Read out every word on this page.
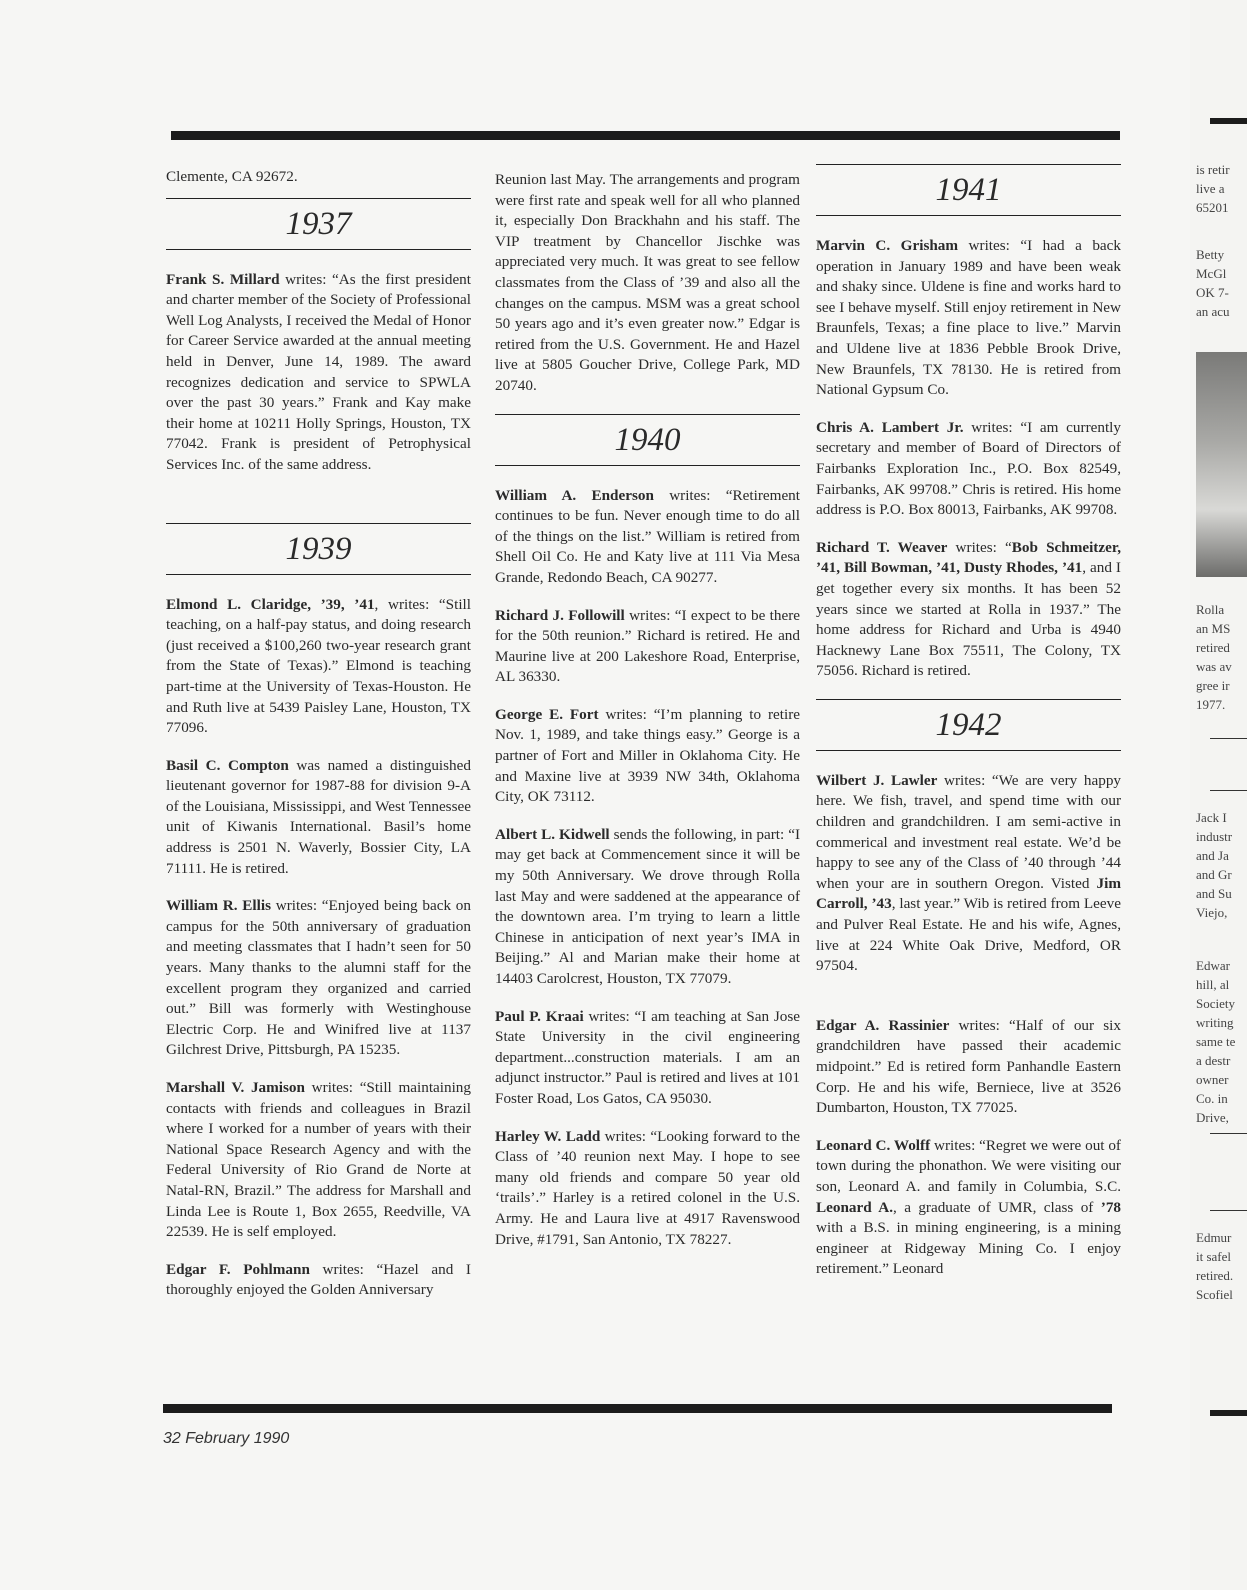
Clemente, CA 92672.

1937

Frank S. Millard writes: “As the first president and charter member of the Society of Professional Well Log Analysts, I received the Medal of Honor for Career Service awarded at the annual meeting held in Denver, June 14, 1989. The award recognizes dedication and service to SPWLA over the past 30 years.” Frank and Kay make their home at 10211 Holly Springs, Houston, TX 77042. Frank is president of Petrophysical Services Inc. of the same address.

1939

Elmond L. Claridge, ’39, ’41, writes: “Still teaching, on a half-pay status, and doing research (just received a $100,260 two-year research grant from the State of Texas).” Elmond is teaching part-time at the University of Texas-Houston. He and Ruth live at 5439 Paisley Lane, Houston, TX 77096.

Basil C. Compton was named a distinguished lieutenant governor for 1987-88 for division 9-A of the Louisiana, Mississippi, and West Tennessee unit of Kiwanis International. Basil’s home address is 2501 N. Waverly, Bossier City, LA 71111. He is retired.

William R. Ellis writes: “Enjoyed being back on campus for the 50th anniversary of graduation and meeting classmates that I hadn’t seen for 50 years. Many thanks to the alumni staff for the excellent program they organized and carried out.” Bill was formerly with Westinghouse Electric Corp. He and Winifred live at 1137 Gilchrest Drive, Pittsburgh, PA 15235.

Marshall V. Jamison writes: “Still maintaining contacts with friends and colleagues in Brazil where I worked for a number of years with their National Space Research Agency and with the Federal University of Rio Grand de Norte at Natal-RN, Brazil.” The address for Marshall and Linda Lee is Route 1, Box 2655, Reedville, VA 22539. He is self employed.

Edgar F. Pohlmann writes: “Hazel and I thoroughly enjoyed the Golden Anniversary

Reunion last May. The arrangements and program were first rate and speak well for all who planned it, especially Don Brackhahn and his staff. The VIP treatment by Chancellor Jischke was appreciated very much. It was great to see fellow classmates from the Class of ’39 and also all the changes on the campus. MSM was a great school 50 years ago and it’s even greater now.” Edgar is retired from the U.S. Government. He and Hazel live at 5805 Goucher Drive, College Park, MD 20740.

1940

William A. Enderson writes: “Retirement continues to be fun. Never enough time to do all of the things on the list.” William is retired from Shell Oil Co. He and Katy live at 111 Via Mesa Grande, Redondo Beach, CA 90277.

Richard J. Followill writes: “I expect to be there for the 50th reunion.” Richard is retired. He and Maurine live at 200 Lakeshore Road, Enterprise, AL 36330.

George E. Fort writes: “I’m planning to retire Nov. 1, 1989, and take things easy.” George is a partner of Fort and Miller in Oklahoma City. He and Maxine live at 3939 NW 34th, Oklahoma City, OK 73112.

Albert L. Kidwell sends the following, in part: “I may get back at Commencement since it will be my 50th Anniversary. We drove through Rolla last May and were saddened at the appearance of the downtown area. I’m trying to learn a little Chinese in anticipation of next year’s IMA in Beijing.” Al and Marian make their home at 14403 Carolcrest, Houston, TX 77079.

Paul P. Kraai writes: “I am teaching at San Jose State University in the civil engineering department...construction materials. I am an adjunct instructor.” Paul is retired and lives at 101 Foster Road, Los Gatos, CA 95030.

Harley W. Ladd writes: “Looking forward to the Class of ’40 reunion next May. I hope to see many old friends and compare 50 year old ‘trails’.” Harley is a retired colonel in the U.S. Army. He and Laura live at 4917 Ravenswood Drive, #1791, San Antonio, TX 78227.

1941

Marvin C. Grisham writes: “I had a back operation in January 1989 and have been weak and shaky since. Uldene is fine and works hard to see I behave myself. Still enjoy retirement in New Braunfels, Texas; a fine place to live.” Marvin and Uldene live at 1836 Pebble Brook Drive, New Braunfels, TX 78130. He is retired from National Gypsum Co.

Chris A. Lambert Jr. writes: “I am currently secretary and member of Board of Directors of Fairbanks Exploration Inc., P.O. Box 82549, Fairbanks, AK 99708.” Chris is retired. His home address is P.O. Box 80013, Fairbanks, AK 99708.

Richard T. Weaver writes: “Bob Schmeitzer, ’41, Bill Bowman, ’41, Dusty Rhodes, ’41, and I get together every six months. It has been 52 years since we started at Rolla in 1937.” The home address for Richard and Urba is 4940 Hacknewy Lane Box 75511, The Colony, TX 75056. Richard is retired.

1942

Wilbert J. Lawler writes: “We are very happy here. We fish, travel, and spend time with our children and grandchildren. I am semi-active in commerical and investment real estate. We’d be happy to see any of the Class of ’40 through ’44 when your are in southern Oregon. Visted Jim Carroll, ’43, last year.” Wib is retired from Leeve and Pulver Real Estate. He and his wife, Agnes, live at 224 White Oak Drive, Medford, OR 97504.

Edgar A. Rassinier writes: “Half of our six grandchildren have passed their academic midpoint.” Ed is retired form Panhandle Eastern Corp. He and his wife, Berniece, live at 3526 Dumbarton, Houston, TX 77025.

Leonard C. Wolff writes: “Regret we were out of town during the phonathon. We were visiting our son, Leonard A. and family in Columbia, S.C. Leonard A., a graduate of UMR, class of ’78 with a B.S. in mining engineering, is a mining engineer at Ridgeway Mining Co. I enjoy retirement.” Leonard

32 February 1990
is retir
live a
65201
Betty
McGl
OK 7-
an acu
Rolla
an MS
retired
was av
gree ir
1977.
Jack I
industr
and Ja
and Gr
and Su
Viejo,
Edwar
hill, al
Society
writing
same te
a destr
owner
Co. in
Drive,
Edmur
it safel
retired.
Scofiel
